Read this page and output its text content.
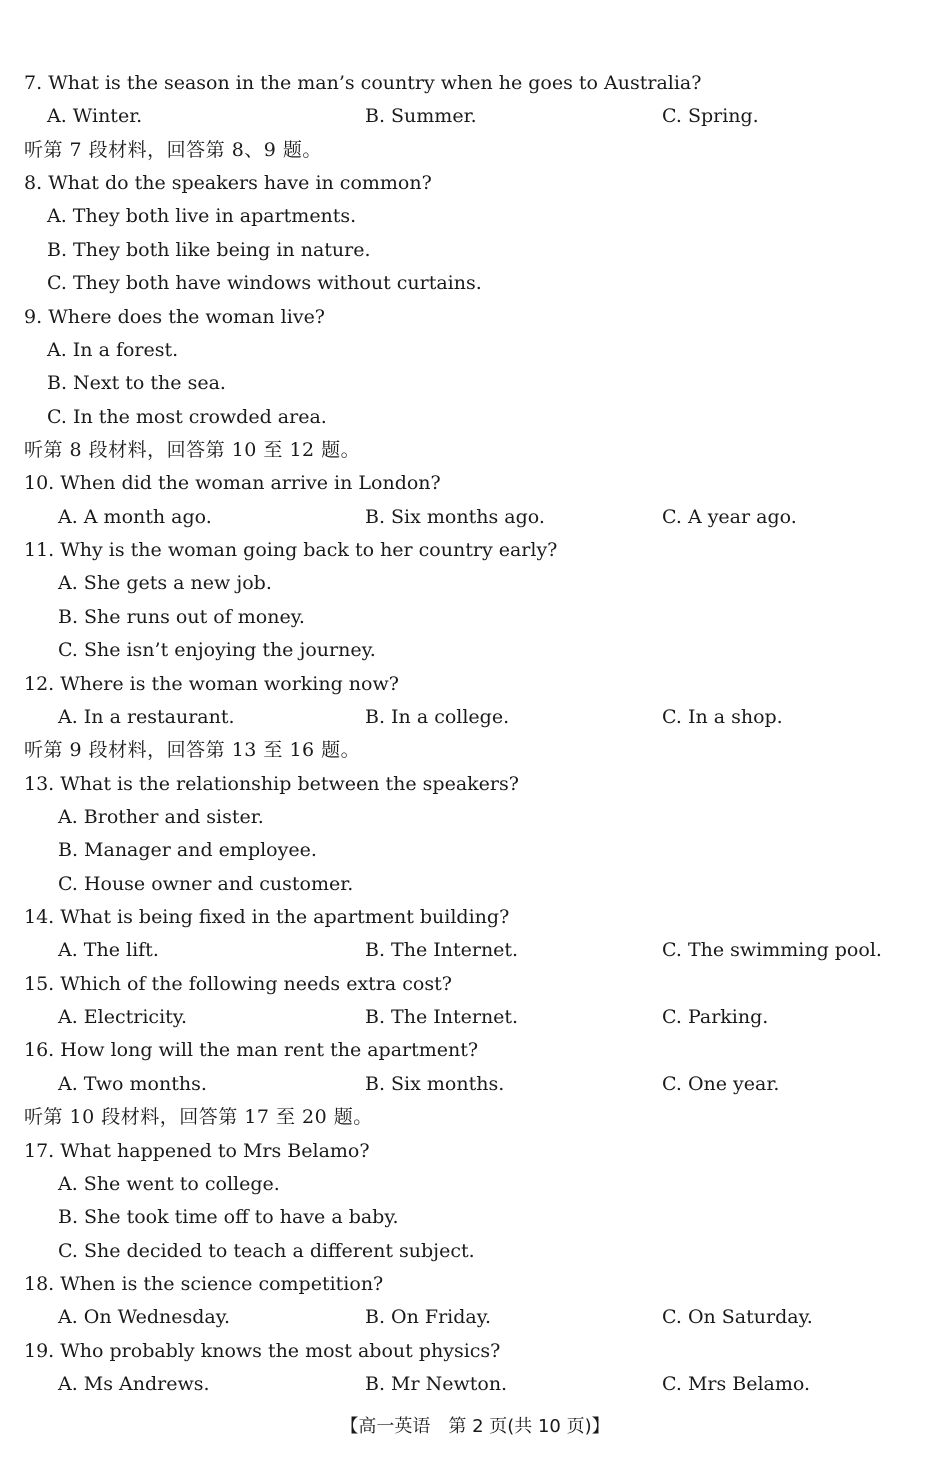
【高一英语　第 2 页(共 10 页)】
7. What is the season in the man’s country when he goes to Australia?
A. Winter.	B. Summer.	C. Spring.
听第 7 段材料，回答第 8、9 题。
8. What do the speakers have in common?
A. They both live in apartments.
B. They both like being in nature.
C. They both have windows without curtains.
9. Where does the woman live?
A. In a forest.
B. Next to the sea.
C. In the most crowded area.
听第 8 段材料，回答第 10 至 12 题。
10. When did the woman arrive in London?
A. A month ago.	B. Six months ago.	C. A year ago.
11. Why is the woman going back to her country early?
A. She gets a new job.
B. She runs out of money.
C. She isn’t enjoying the journey.
12. Where is the woman working now?
A. In a restaurant.	B. In a college.	C. In a shop.
听第 9 段材料，回答第 13 至 16 题。
13. What is the relationship between the speakers?
A. Brother and sister.
B. Manager and employee.
C. House owner and customer.
14. What is being fixed in the apartment building?
A. The lift.	B. The Internet.	C. The swimming pool.
15. Which of the following needs extra cost?
A. Electricity.	B. The Internet.	C. Parking.
16. How long will the man rent the apartment?
A. Two months.	B. Six months.	C. One year.
听第 10 段材料，回答第 17 至 20 题。
17. What happened to Mrs Belamo?
A. She went to college.
B. She took time off to have a baby.
C. She decided to teach a different subject.
18. When is the science competition?
A. On Wednesday.	B. On Friday.	C. On Saturday.
19. Who probably knows the most about physics?
A. Ms Andrews.	B. Mr Newton.	C. Mrs Belamo.
